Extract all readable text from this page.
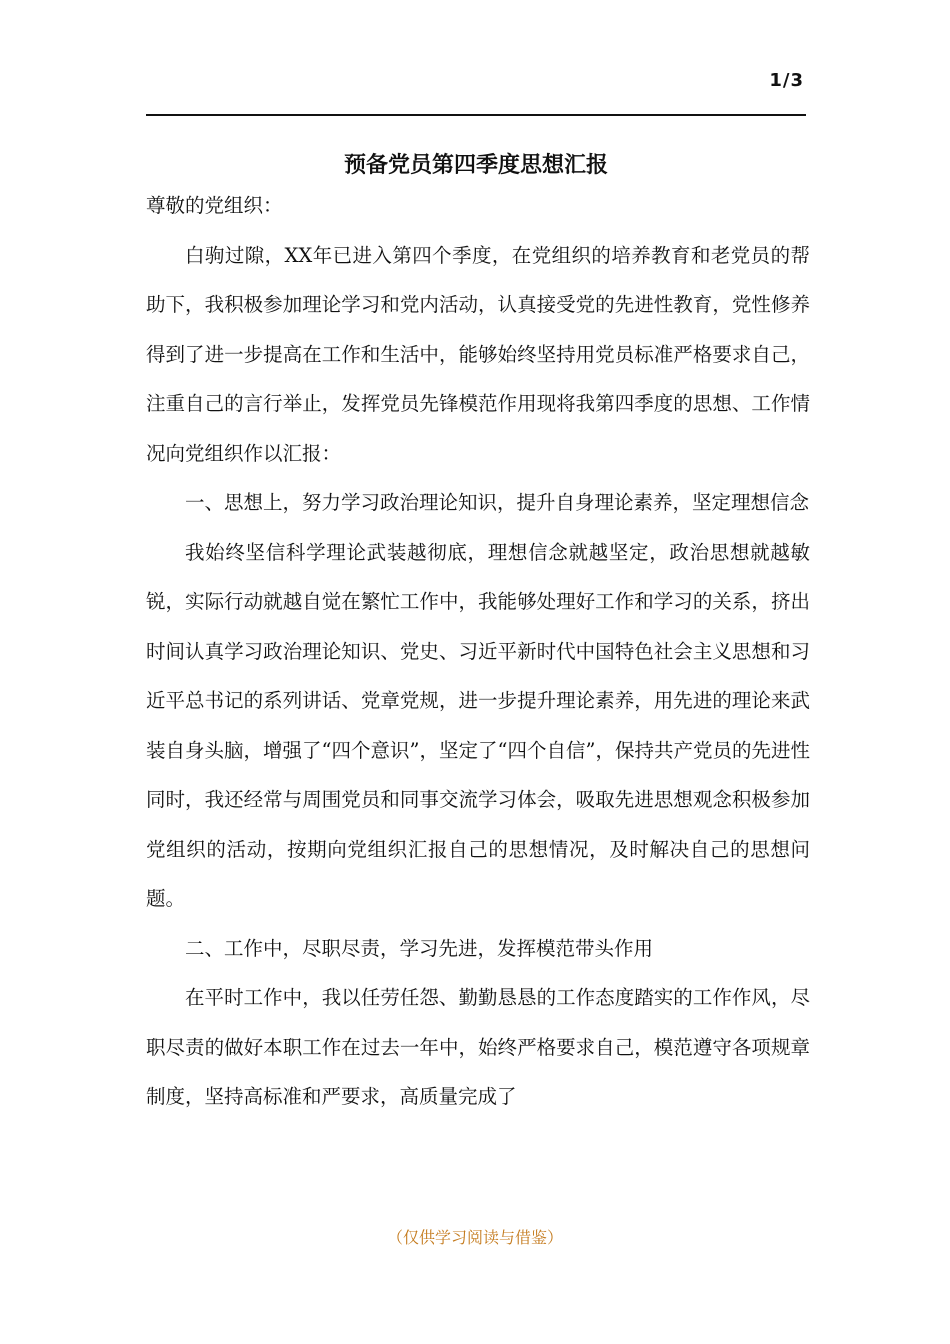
1/3
预备党员第四季度思想汇报

尊敬的党组织：

白驹过隙，XX年已进入第四个季度，在党组织的培养教育和老党员的帮助下，我积极参加理论学习和党内活动，认真接受党的先进性教育，党性修养得到了进一步提高在工作和生活中，能够始终坚持用党员标准严格要求自己，注重自己的言行举止，发挥党员先锋模范作用现将我第四季度的思想、工作情况向党组织作以汇报：

一、思想上，努力学习政治理论知识，提升自身理论素养，坚定理想信念

我始终坚信科学理论武装越彻底，理想信念就越坚定，政治思想就越敏锐，实际行动就越自觉在繁忙工作中，我能够处理好工作和学习的关系，挤出时间认真学习政治理论知识、党史、习近平新时代中国特色社会主义思想和习近平总书记的系列讲话、党章党规，进一步提升理论素养，用先进的理论来武装自身头脑，增强了“四个意识”，坚定了“四个自信”，保持共产党员的先进性同时，我还经常与周围党员和同事交流学习体会，吸取先进思想观念积极参加党组织的活动，按期向党组织汇报自己的思想情况，及时解决自己的思想问题。

二、工作中，尽职尽责，学习先进，发挥模范带头作用

在平时工作中，我以任劳任怨、勤勤恳恳的工作态度踏实的工作作风，尽职尽责的做好本职工作在过去一年中，始终严格要求自己，模范遵守各项规章制度，坚持高标准和严要求，高质量完成了

（仅供学习阅读与借鉴）
